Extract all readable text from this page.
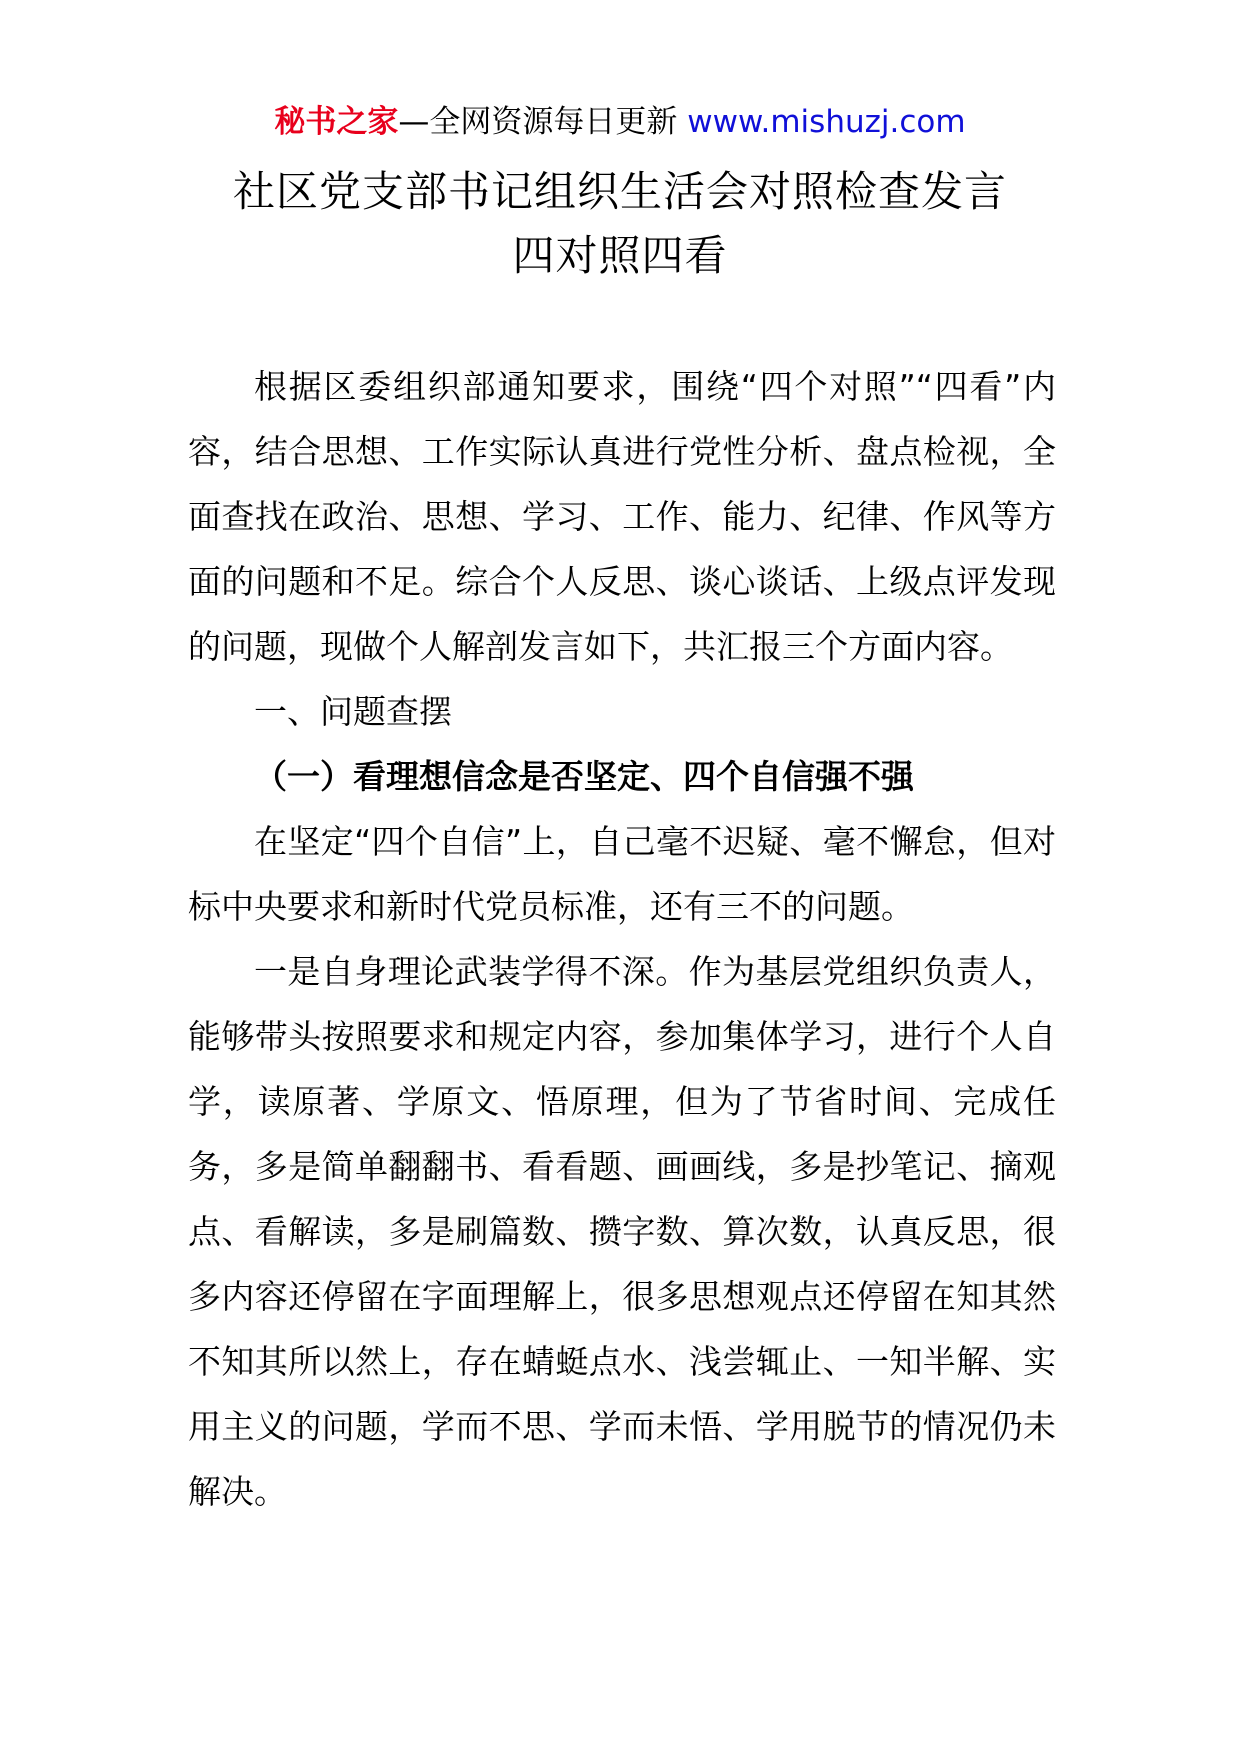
秘书之家—全网资源每日更新 www.mishuzj.com
社区党支部书记组织生活会对照检查发言
四对照四看

根据区委组织部通知要求，围绕“四个对照”“四看”内容，结合思想、工作实际认真进行党性分析、盘点检视，全面查找在政治、思想、学习、工作、能力、纪律、作风等方面的问题和不足。综合个人反思、谈心谈话、上级点评发现的问题，现做个人解剖发言如下，共汇报三个方面内容。

一、问题查摆

（一）看理想信念是否坚定、四个自信强不强

在坚定“四个自信”上，自己毫不迟疑、毫不懈怠，但对标中央要求和新时代党员标准，还有三不的问题。

一是自身理论武装学得不深。作为基层党组织负责人，能够带头按照要求和规定内容，参加集体学习，进行个人自学，读原著、学原文、悟原理，但为了节省时间、完成任务，多是简单翻翻书、看看题、画画线，多是抄笔记、摘观点、看解读，多是刷篇数、攒字数、算次数，认真反思，很多内容还停留在字面理解上，很多思想观点还停留在知其然不知其所以然上，存在蜻蜓点水、浅尝辄止、一知半解、实用主义的问题，学而不思、学而未悟、学用脱节的情况仍未解决。
